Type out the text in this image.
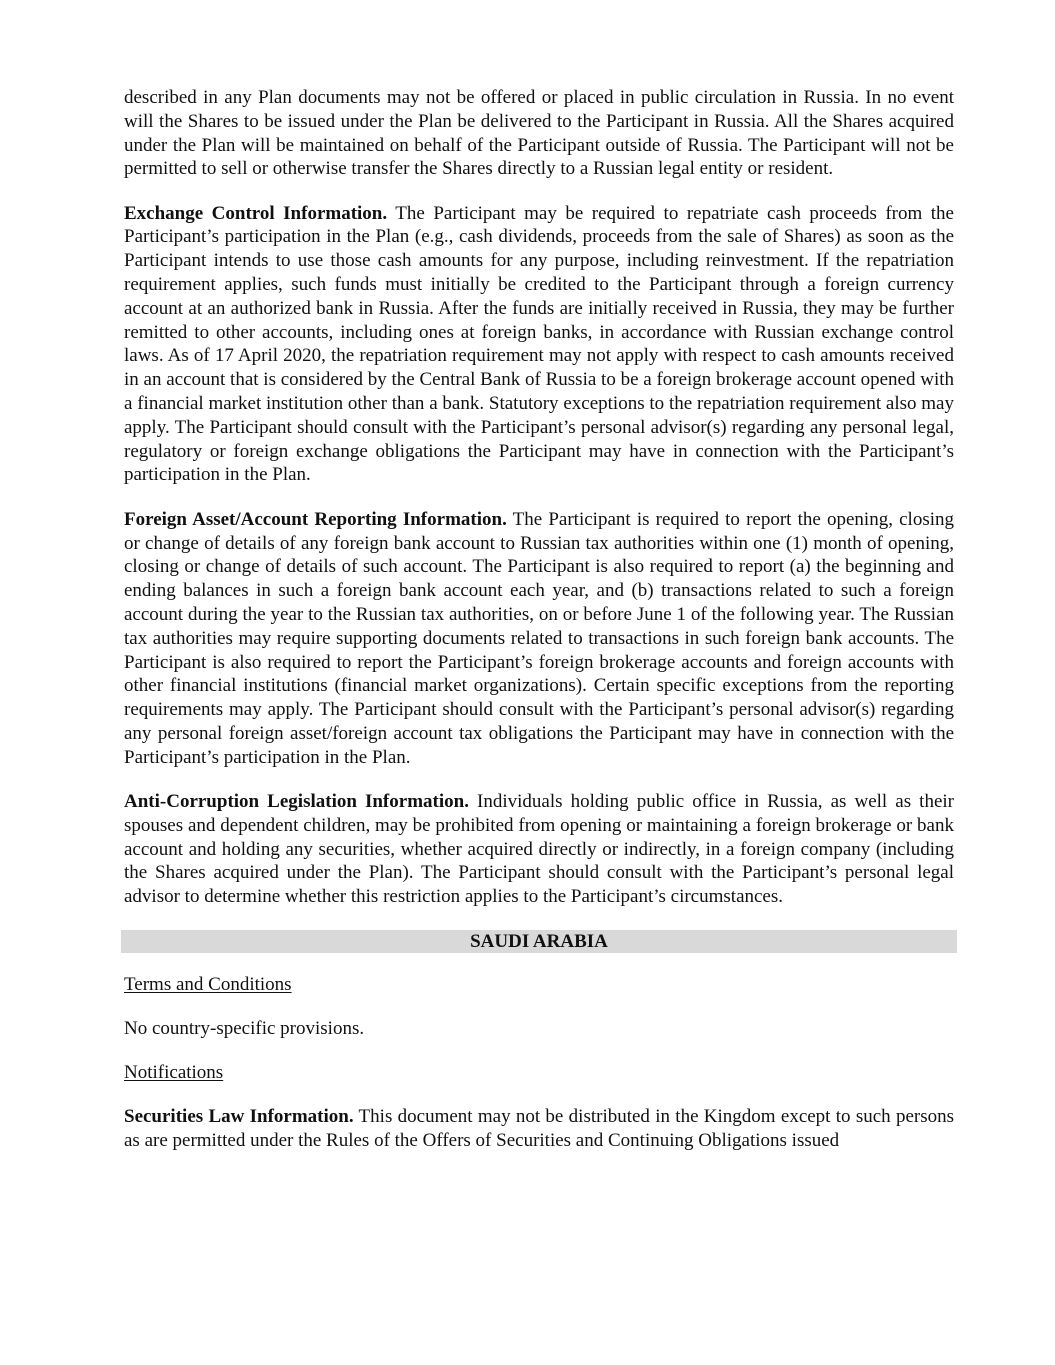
described in any Plan documents may not be offered or placed in public circulation in Russia. In no event will the Shares to be issued under the Plan be delivered to the Participant in Russia. All the Shares acquired under the Plan will be maintained on behalf of the Participant outside of Russia. The Participant will not be permitted to sell or otherwise transfer the Shares directly to a Russian legal entity or resident.

Exchange Control Information. The Participant may be required to repatriate cash proceeds from the Participant’s participation in the Plan (e.g., cash dividends, proceeds from the sale of Shares) as soon as the Participant intends to use those cash amounts for any purpose, including reinvestment. If the repatriation requirement applies, such funds must initially be credited to the Participant through a foreign currency account at an authorized bank in Russia. After the funds are initially received in Russia, they may be further remitted to other accounts, including ones at foreign banks, in accordance with Russian exchange control laws. As of 17 April 2020, the repatriation requirement may not apply with respect to cash amounts received in an account that is considered by the Central Bank of Russia to be a foreign brokerage account opened with a financial market institution other than a bank. Statutory exceptions to the repatriation requirement also may apply. The Participant should consult with the Participant’s personal advisor(s) regarding any personal legal, regulatory or foreign exchange obligations the Participant may have in connection with the Participant’s participation in the Plan.

Foreign Asset/Account Reporting Information. The Participant is required to report the opening, closing or change of details of any foreign bank account to Russian tax authorities within one (1) month of opening, closing or change of details of such account. The Participant is also required to report (a) the beginning and ending balances in such a foreign bank account each year, and (b) transactions related to such a foreign account during the year to the Russian tax authorities, on or before June 1 of the following year. The Russian tax authorities may require supporting documents related to transactions in such foreign bank accounts. The Participant is also required to report the Participant’s foreign brokerage accounts and foreign accounts with other financial institutions (financial market organizations). Certain specific exceptions from the reporting requirements may apply. The Participant should consult with the Participant’s personal advisor(s) regarding any personal foreign asset/foreign account tax obligations the Participant may have in connection with the Participant’s participation in the Plan.

Anti-Corruption Legislation Information. Individuals holding public office in Russia, as well as their spouses and dependent children, may be prohibited from opening or maintaining a foreign brokerage or bank account and holding any securities, whether acquired directly or indirectly, in a foreign company (including the Shares acquired under the Plan). The Participant should consult with the Participant’s personal legal advisor to determine whether this restriction applies to the Participant’s circumstances.

SAUDI ARABIA

Terms and Conditions

No country-specific provisions.

Notifications

Securities Law Information. This document may not be distributed in the Kingdom except to such persons as are permitted under the Rules of the Offers of Securities and Continuing Obligations issued
